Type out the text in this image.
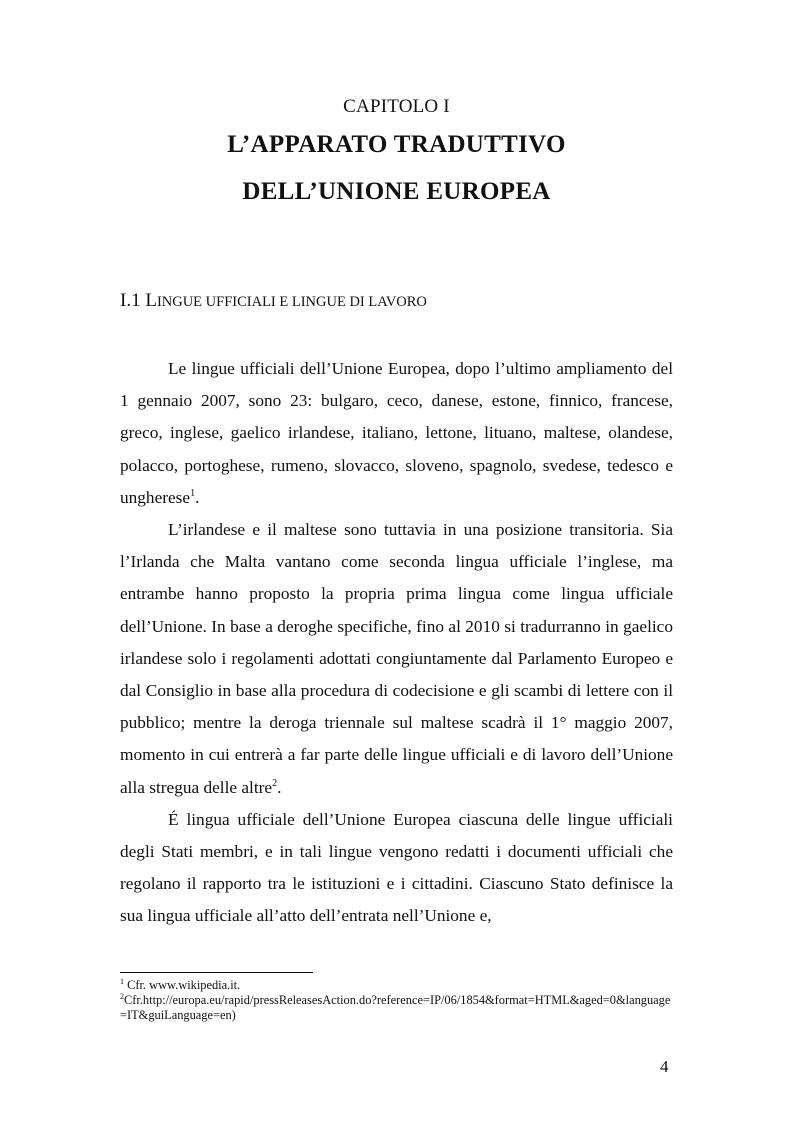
CAPITOLO I
L’APPARATO TRADUTTIVO
DELL’UNIONE EUROPEA
I.1 LINGUE UFFICIALI E LINGUE DI LAVORO

Le lingue ufficiali dell’Unione Europea, dopo l’ultimo ampliamento del 1 gennaio 2007, sono 23: bulgaro, ceco, danese, estone, finnico, francese, greco, inglese, gaelico irlandese, italiano, lettone, lituano, maltese, olandese, polacco, portoghese, rumeno, slovacco, sloveno, spagnolo, svedese, tedesco e ungherese$^1$.

L’irlandese e il maltese sono tuttavia in una posizione transitoria. Sia l’Irlanda che Malta vantano come seconda lingua ufficiale l’inglese, ma entrambe hanno proposto la propria prima lingua come lingua ufficiale dell’Unione. In base a deroghe specifiche, fino al 2010 si tradurranno in gaelico irlandese solo i regolamenti adottati congiuntamente dal Parlamento Europeo e dal Consiglio in base alla procedura di codecisione e gli scambi di lettere con il pubblico; mentre la deroga triennale sul maltese scadrà il 1° maggio 2007, momento in cui entrerà a far parte delle lingue ufficiali e di lavoro dell’Unione alla stregua delle altre$^2$.

É lingua ufficiale dell’Unione Europea ciascuna delle lingue ufficiali degli Stati membri, e in tali lingue vengono redatti i documenti ufficiali che regolano il rapporto tra le istituzioni e i cittadini. Ciascuno Stato definisce la sua lingua ufficiale all’atto dell’entrata nell’Unione e,

$^1$ Cfr. www.wikipedia.it.

$^2$Cfr.http://europa.eu/rapid/pressReleasesAction.do?reference=IP/06/1854&format=HTML&aged=0&language=IT&guiLanguage=en)

4
